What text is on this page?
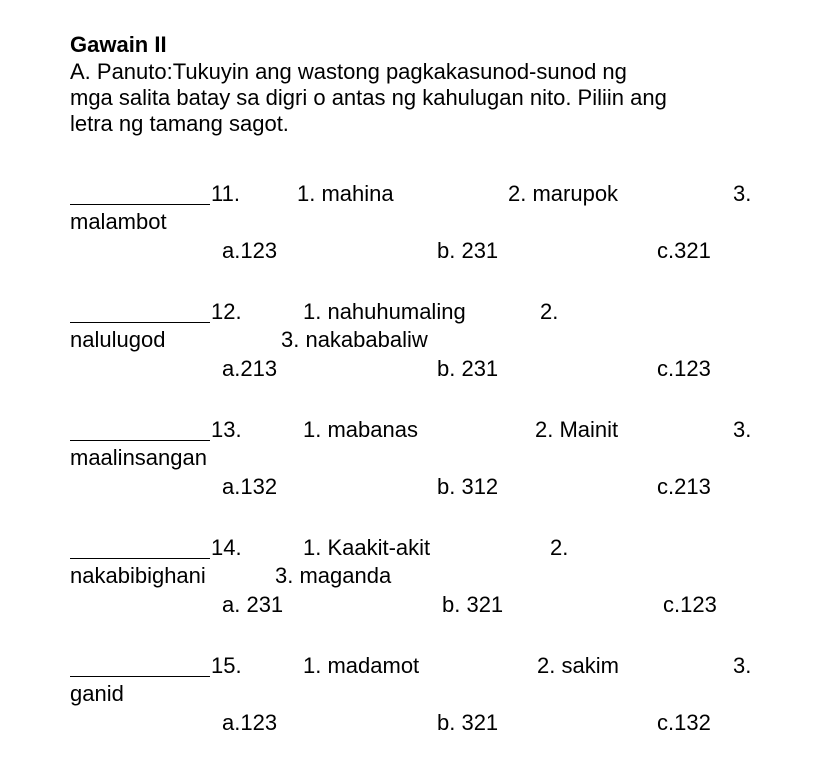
Gawain II
A. Panuto:Tukuyin ang wastong pagkakasunod-sunod ng
mga salita batay sa digri o antas ng kahulugan nito. Piliin ang
letra ng tamang sagot.
11.	1. mahina	2. marupok	3.
malambot
a.123	b. 231	c.321
12.	1. nahuhumaling	2.
nalulugod	3. nakababaliw
a.213	b. 231	c.123
13.	1. mabanas	2. Mainit	3.
maalinsangan
a.132	b. 312	c.213
14.	1. Kaakit-akit	2.
nakabibighani	3. maganda
a. 231	b. 321	c.123
15.	1. madamot	2. sakim	3.
ganid
a.123	b. 321	c.132
